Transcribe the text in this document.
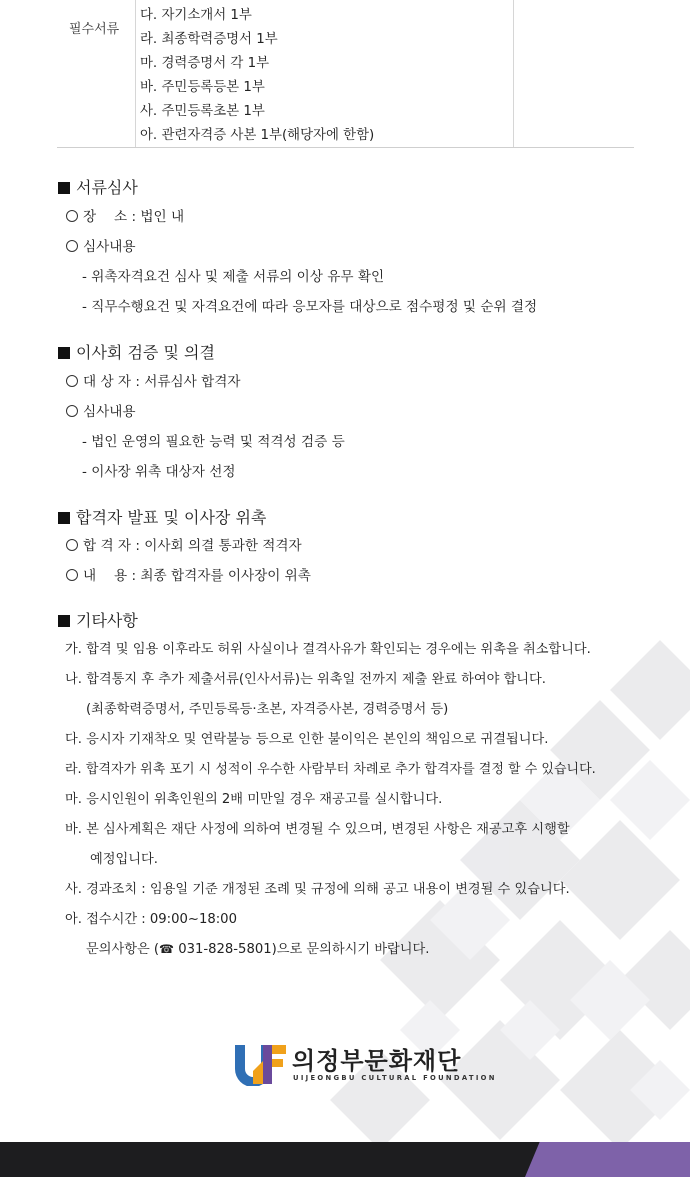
필수서류
다. 자기소개서 1부
라. 최종학력증명서 1부
마. 경력증명서 각 1부
바. 주민등록등본 1부
사. 주민등록초본 1부
아. 관련자격증 사본 1부(해당자에 한함)
서류심사
장　 소 : 법인 내
심사내용
- 위촉자격요건 심사 및 제출 서류의 이상 유무 확인
- 직무수행요건 및 자격요건에 따라 응모자를 대상으로 점수평정 및 순위 결정
이사회 검증 및 의결
대 상 자 : 서류심사 합격자
심사내용
- 법인 운영의 필요한 능력 및 적격성 검증 등
- 이사장 위촉 대상자 선정
합격자 발표 및 이사장 위촉
합 격 자 : 이사회 의결 통과한 적격자
내　 용 : 최종 합격자를 이사장이 위촉
기타사항
가. 합격 및 임용 이후라도 허위 사실이나 결격사유가 확인되는 경우에는 위촉을 취소합니다.
나. 합격통지 후 추가 제출서류(인사서류)는 위촉일 전까지 제출 완료 하여야 합니다.
(최종학력증명서, 주민등록등·초본, 자격증사본, 경력증명서 등)
다. 응시자 기재착오 및 연락불능 등으로 인한 불이익은 본인의 책임으로 귀결됩니다.
라. 합격자가 위촉 포기 시 성적이 우수한 사람부터 차례로 추가 합격자를 결정 할 수 있습니다.
마. 응시인원이 위촉인원의 2배 미만일 경우 재공고를 실시합니다.
바. 본 심사계획은 재단 사정에 의하여 변경될 수 있으며, 변경된 사항은 재공고후 시행할
예정입니다.
사. 경과조치 : 임용일 기준 개정된 조례 및 규정에 의해 공고 내용이 변경될 수 있습니다.
아. 접수시간 : 09:00~18:00
문의사항은 (☎ 031-828-5801)으로 문의하시기 바랍니다.
의정부문화재단
UIJEONGBU CULTURAL FOUNDATION
